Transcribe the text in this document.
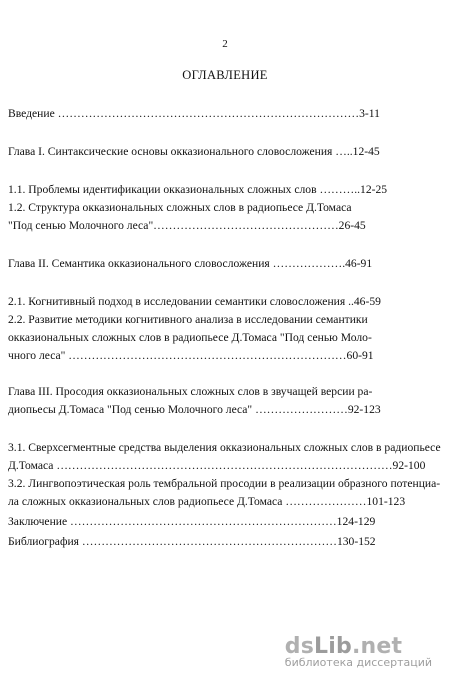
2
ОГЛАВЛЕНИЕ
Введение ……………………………………………………………………3-11
Глава I. Синтаксические основы окказионального словосложения …..12-45
1.1. Проблемы идентификации окказиональных сложных слов ………..12-25
1.2. Структура окказиональных сложных слов в радиопьесе Д.Томаса
"Под сенью Молочного леса"…………………………………………26-45
Глава II. Семантика окказионального словосложения ……………….46-91
2.1. Когнитивный подход в исследовании семантики словосложения ..46-59
2.2. Развитие методики когнитивного анализа в исследовании семантики
окказиональных сложных слов в радиопьесе Д.Томаса "Под сенью Моло-
чного леса" ………………………………………………………………60-91
Глава III. Просодия окказиональных сложных слов в звучащей версии ра-
диопьесы Д.Томаса "Под сенью Молочного леса" ……………………92-123
3.1. Сверхсегментные средства выделения окказиональных сложных слов в радиопьесе
Д.Томаса ……………………………………………………………………………92-100
3.2. Лингвопоэтическая роль тембральной просодии в реализации образного потенциа-
ла сложных окказиональных слов радиопьесе Д.Томаса …………………101-123
Заключение ……………………………………………………………124-129
Библиография …………………………………………………………130-152
dsLib.net
библиотека диссертаций
